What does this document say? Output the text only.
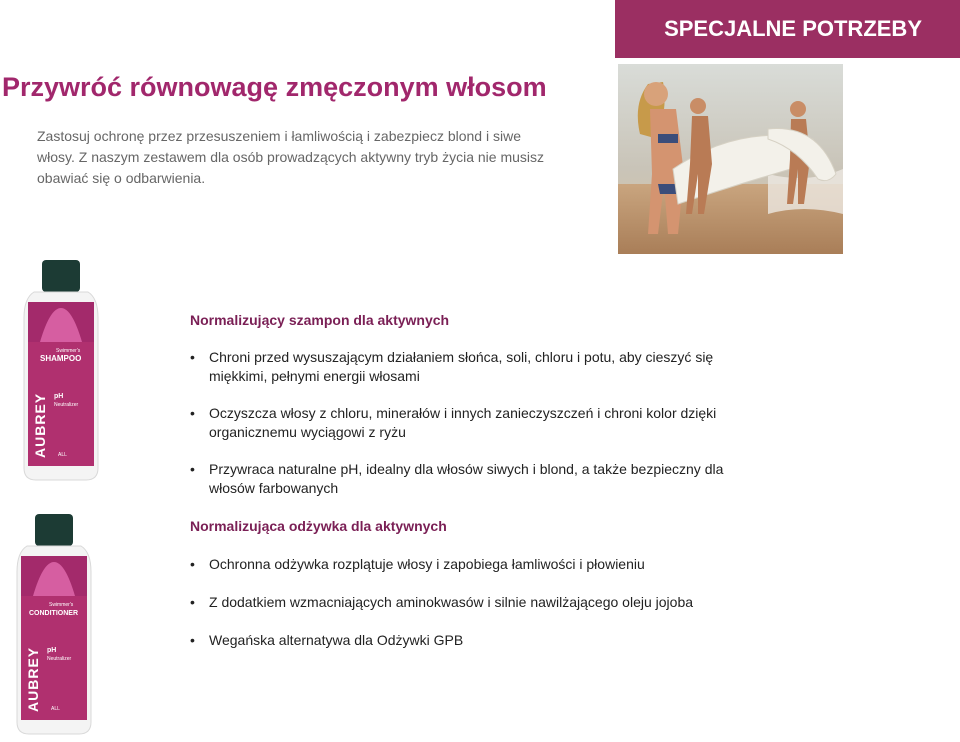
SPECJALNE POTRZEBY
Przywróć równowagę zmęczonym włosom

Zastosuj ochronę przez przesuszeniem i łamliwością i zabezpiecz blond i siwe włosy. Z naszym zestawem dla osób prowadzących aktywny tryb życia nie musisz obawiać się o odbarwienia.

Swimmer's
SHAMPOO
pH
Neutralizer
ALL
AUBREY
Swimmer's
CONDITIONER
pH
Neutralizer
ALL
AUBREY
Normalizujący szampon dla aktywnych
• Chroni przed wysuszającym działaniem słońca, soli, chloru i potu, aby cieszyć się miękkimi, pełnymi energii włosami
• Oczyszcza włosy z chloru, minerałów i innych zanieczyszczeń i chroni kolor dzięki organicznemu wyciągowi z ryżu
• Przywraca naturalne pH, idealny dla włosów siwych i blond, a także bezpieczny dla włosów farbowanych
Normalizująca odżywka dla aktywnych
• Ochronna odżywka rozplątuje włosy i zapobiega łamliwości i płowieniu
• Z dodatkiem wzmacniających aminokwasów i silnie nawilżającego oleju jojoba
• Wegańska alternatywa dla Odżywki GPB
